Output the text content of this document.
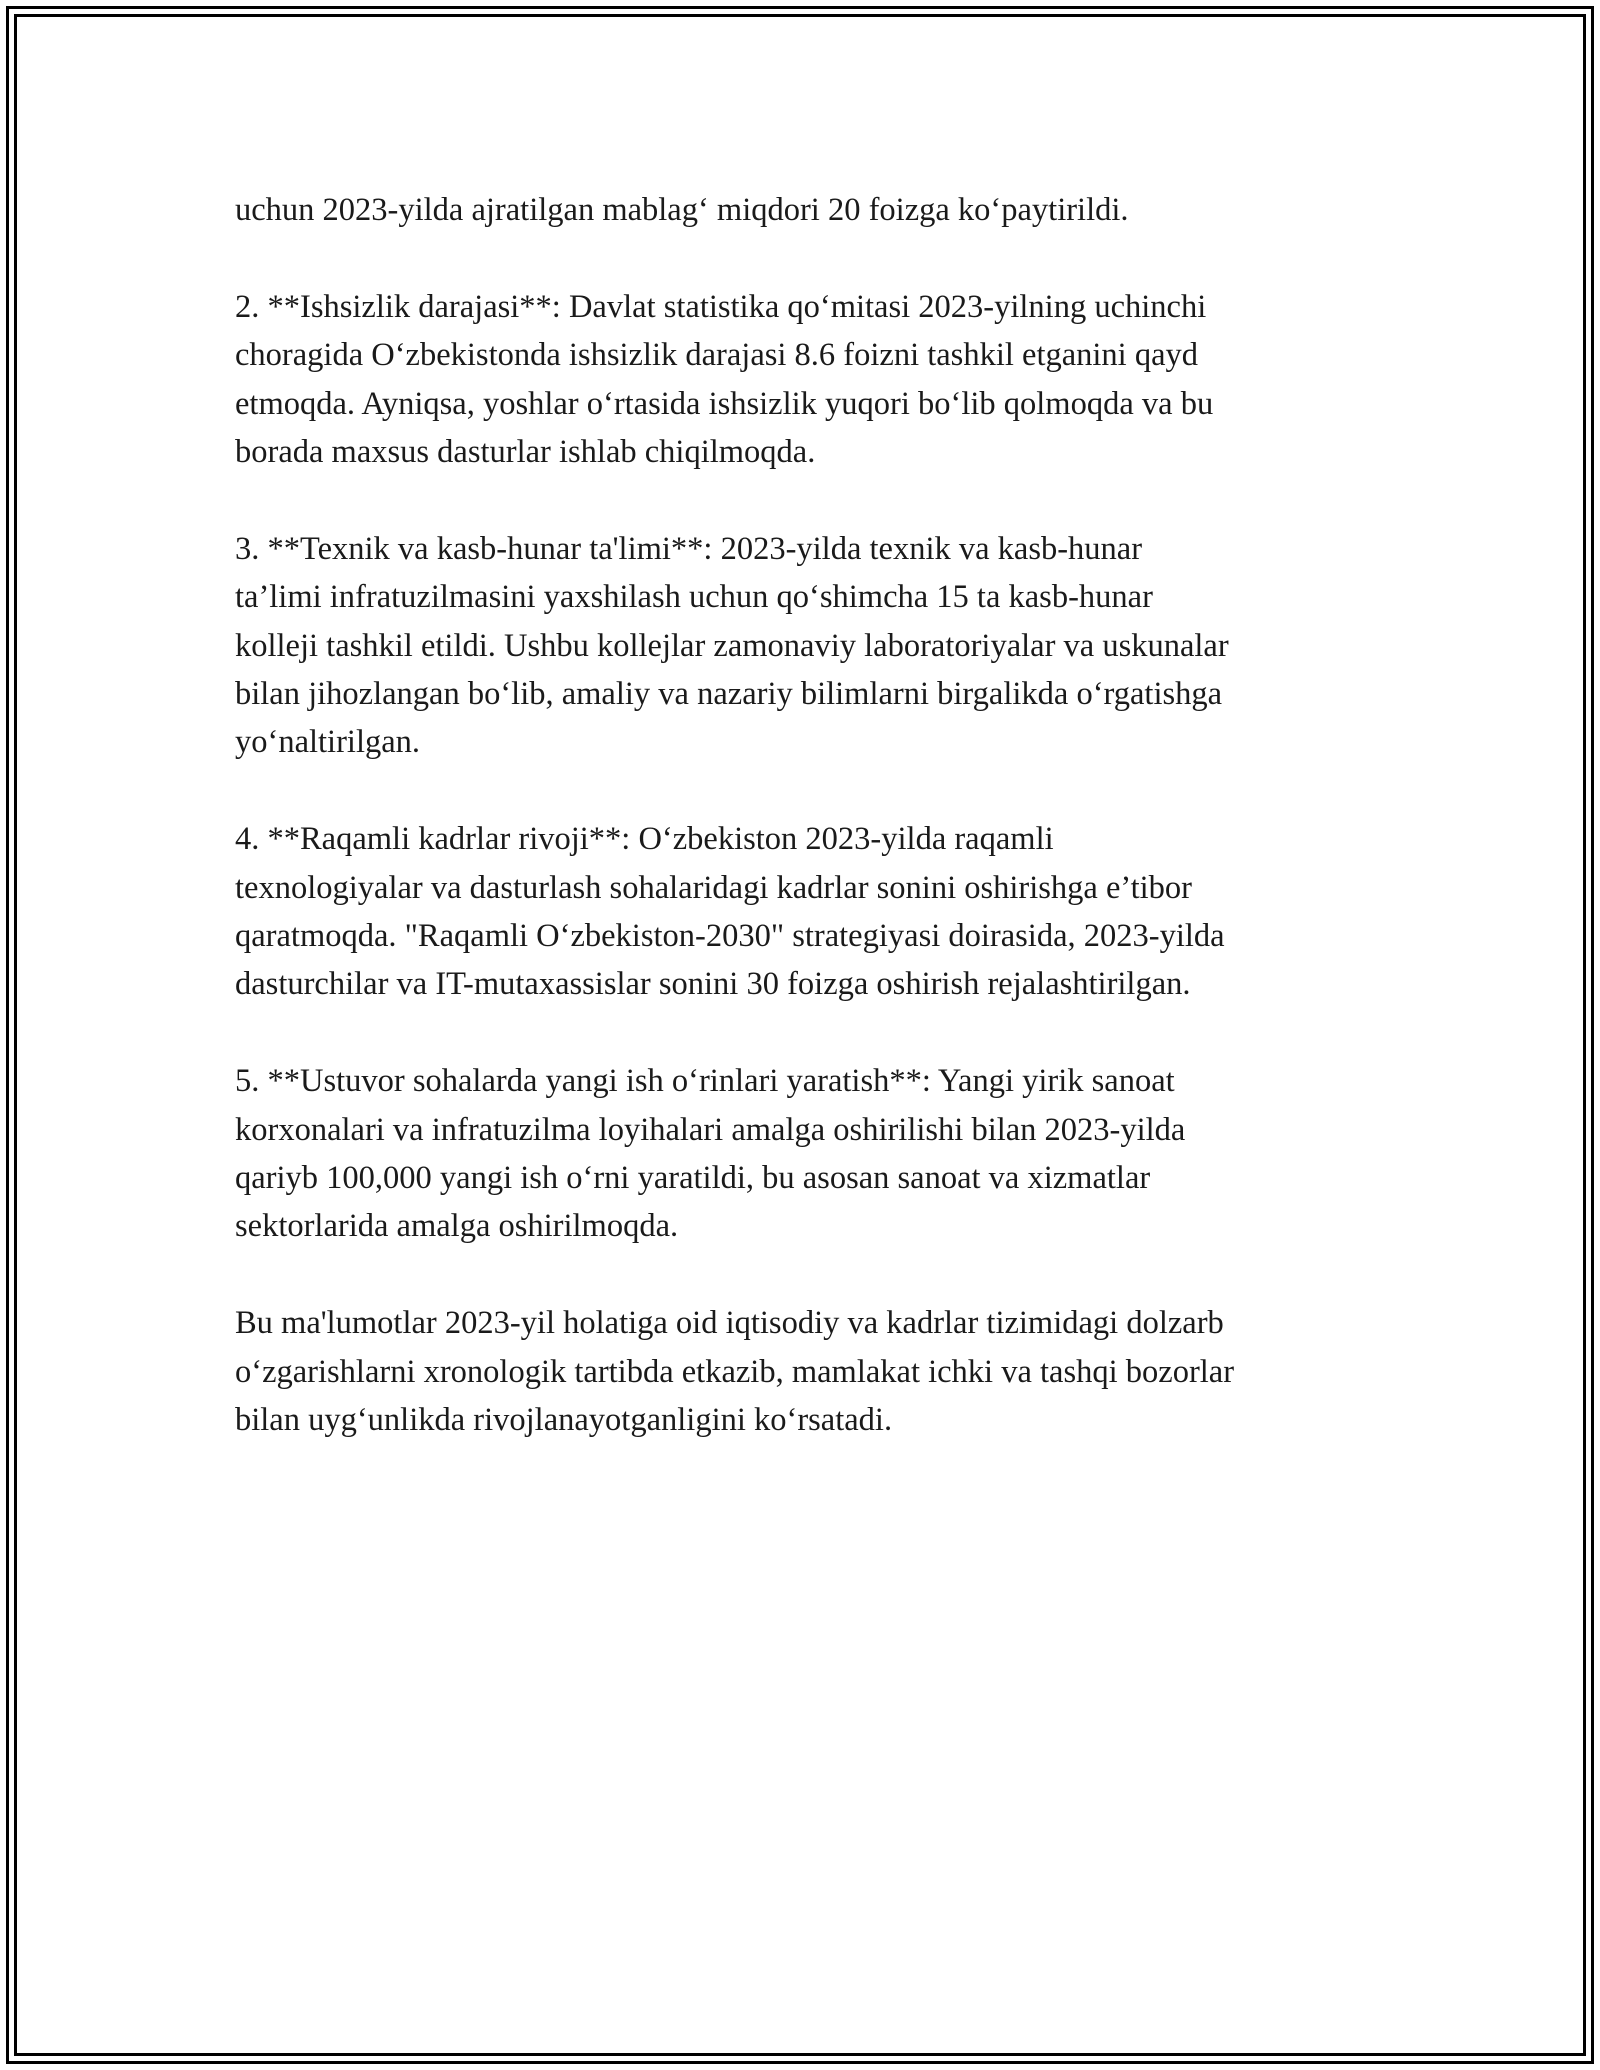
uchun 2023-yilda ajratilgan mablag‘ miqdori 20 foizga ko‘paytirildi.

2. **Ishsizlik darajasi**: Davlat statistika qo‘mitasi 2023-yilning uchinchi
choragida O‘zbekistonda ishsizlik darajasi 8.6 foizni tashkil etganini qayd
etmoqda. Ayniqsa, yoshlar o‘rtasida ishsizlik yuqori bo‘lib qolmoqda va bu
borada maxsus dasturlar ishlab chiqilmoqda.

3. **Texnik va kasb-hunar ta'limi**: 2023-yilda texnik va kasb-hunar
ta’limi infratuzilmasini yaxshilash uchun qo‘shimcha 15 ta kasb-hunar
kolleji tashkil etildi. Ushbu kollejlar zamonaviy laboratoriyalar va uskunalar
bilan jihozlangan bo‘lib, amaliy va nazariy bilimlarni birgalikda o‘rgatishga
yo‘naltirilgan.

4. **Raqamli kadrlar rivoji**: O‘zbekiston 2023-yilda raqamli
texnologiyalar va dasturlash sohalaridagi kadrlar sonini oshirishga e’tibor
qaratmoqda. "Raqamli O‘zbekiston-2030" strategiyasi doirasida, 2023-yilda
dasturchilar va IT-mutaxassislar sonini 30 foizga oshirish rejalashtirilgan.

5. **Ustuvor sohalarda yangi ish o‘rinlari yaratish**: Yangi yirik sanoat
korxonalari va infratuzilma loyihalari amalga oshirilishi bilan 2023-yilda
qariyb 100,000 yangi ish o‘rni yaratildi, bu asosan sanoat va xizmatlar
sektorlarida amalga oshirilmoqda.

Bu ma'lumotlar 2023-yil holatiga oid iqtisodiy va kadrlar tizimidagi dolzarb
o‘zgarishlarni xronologik tartibda etkazib, mamlakat ichki va tashqi bozorlar
bilan uyg‘unlikda rivojlanayotganligini ko‘rsatadi.
